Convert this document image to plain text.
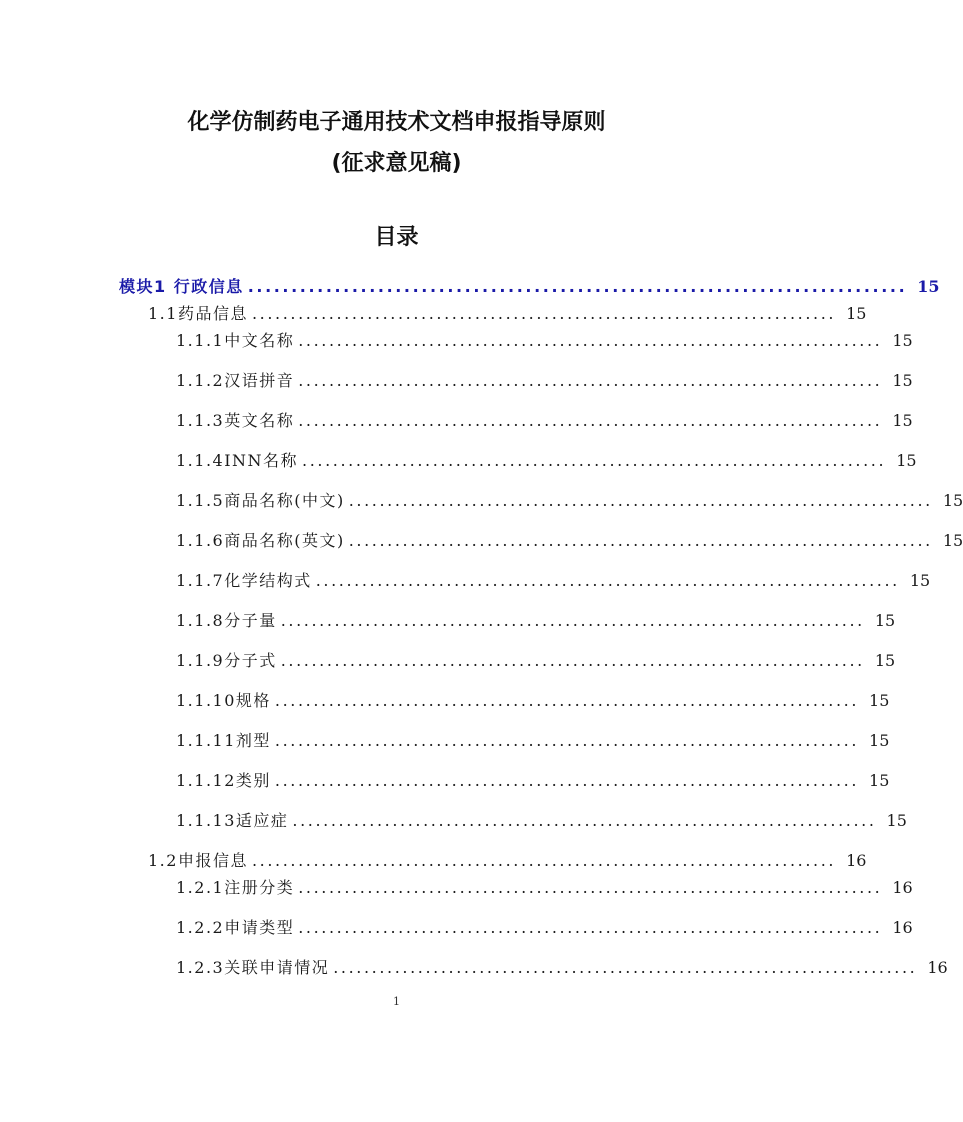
化学仿制药电子通用技术文档申报指导原则
(征求意见稿)
目录
模块1 行政信息 ............................................................................ 15
1.1药品信息 ............................................................................ 15
1.1.1中文名称 ............................................................................ 15
1.1.2汉语拼音 ............................................................................ 15
1.1.3英文名称 ............................................................................ 15
1.1.4INN名称 ............................................................................ 15
1.1.5商品名称(中文) ............................................................................ 15
1.1.6商品名称(英文) ............................................................................ 15
1.1.7化学结构式 ............................................................................ 15
1.1.8分子量 ............................................................................ 15
1.1.9分子式 ............................................................................ 15
1.1.10规格 ............................................................................ 15
1.1.11剂型 ............................................................................ 15
1.1.12类别 ............................................................................ 15
1.1.13适应症 ............................................................................ 15
1.2申报信息 ............................................................................ 16
1.2.1注册分类 ............................................................................ 16
1.2.2申请类型 ............................................................................ 16
1.2.3关联申请情况 ............................................................................ 16
1
